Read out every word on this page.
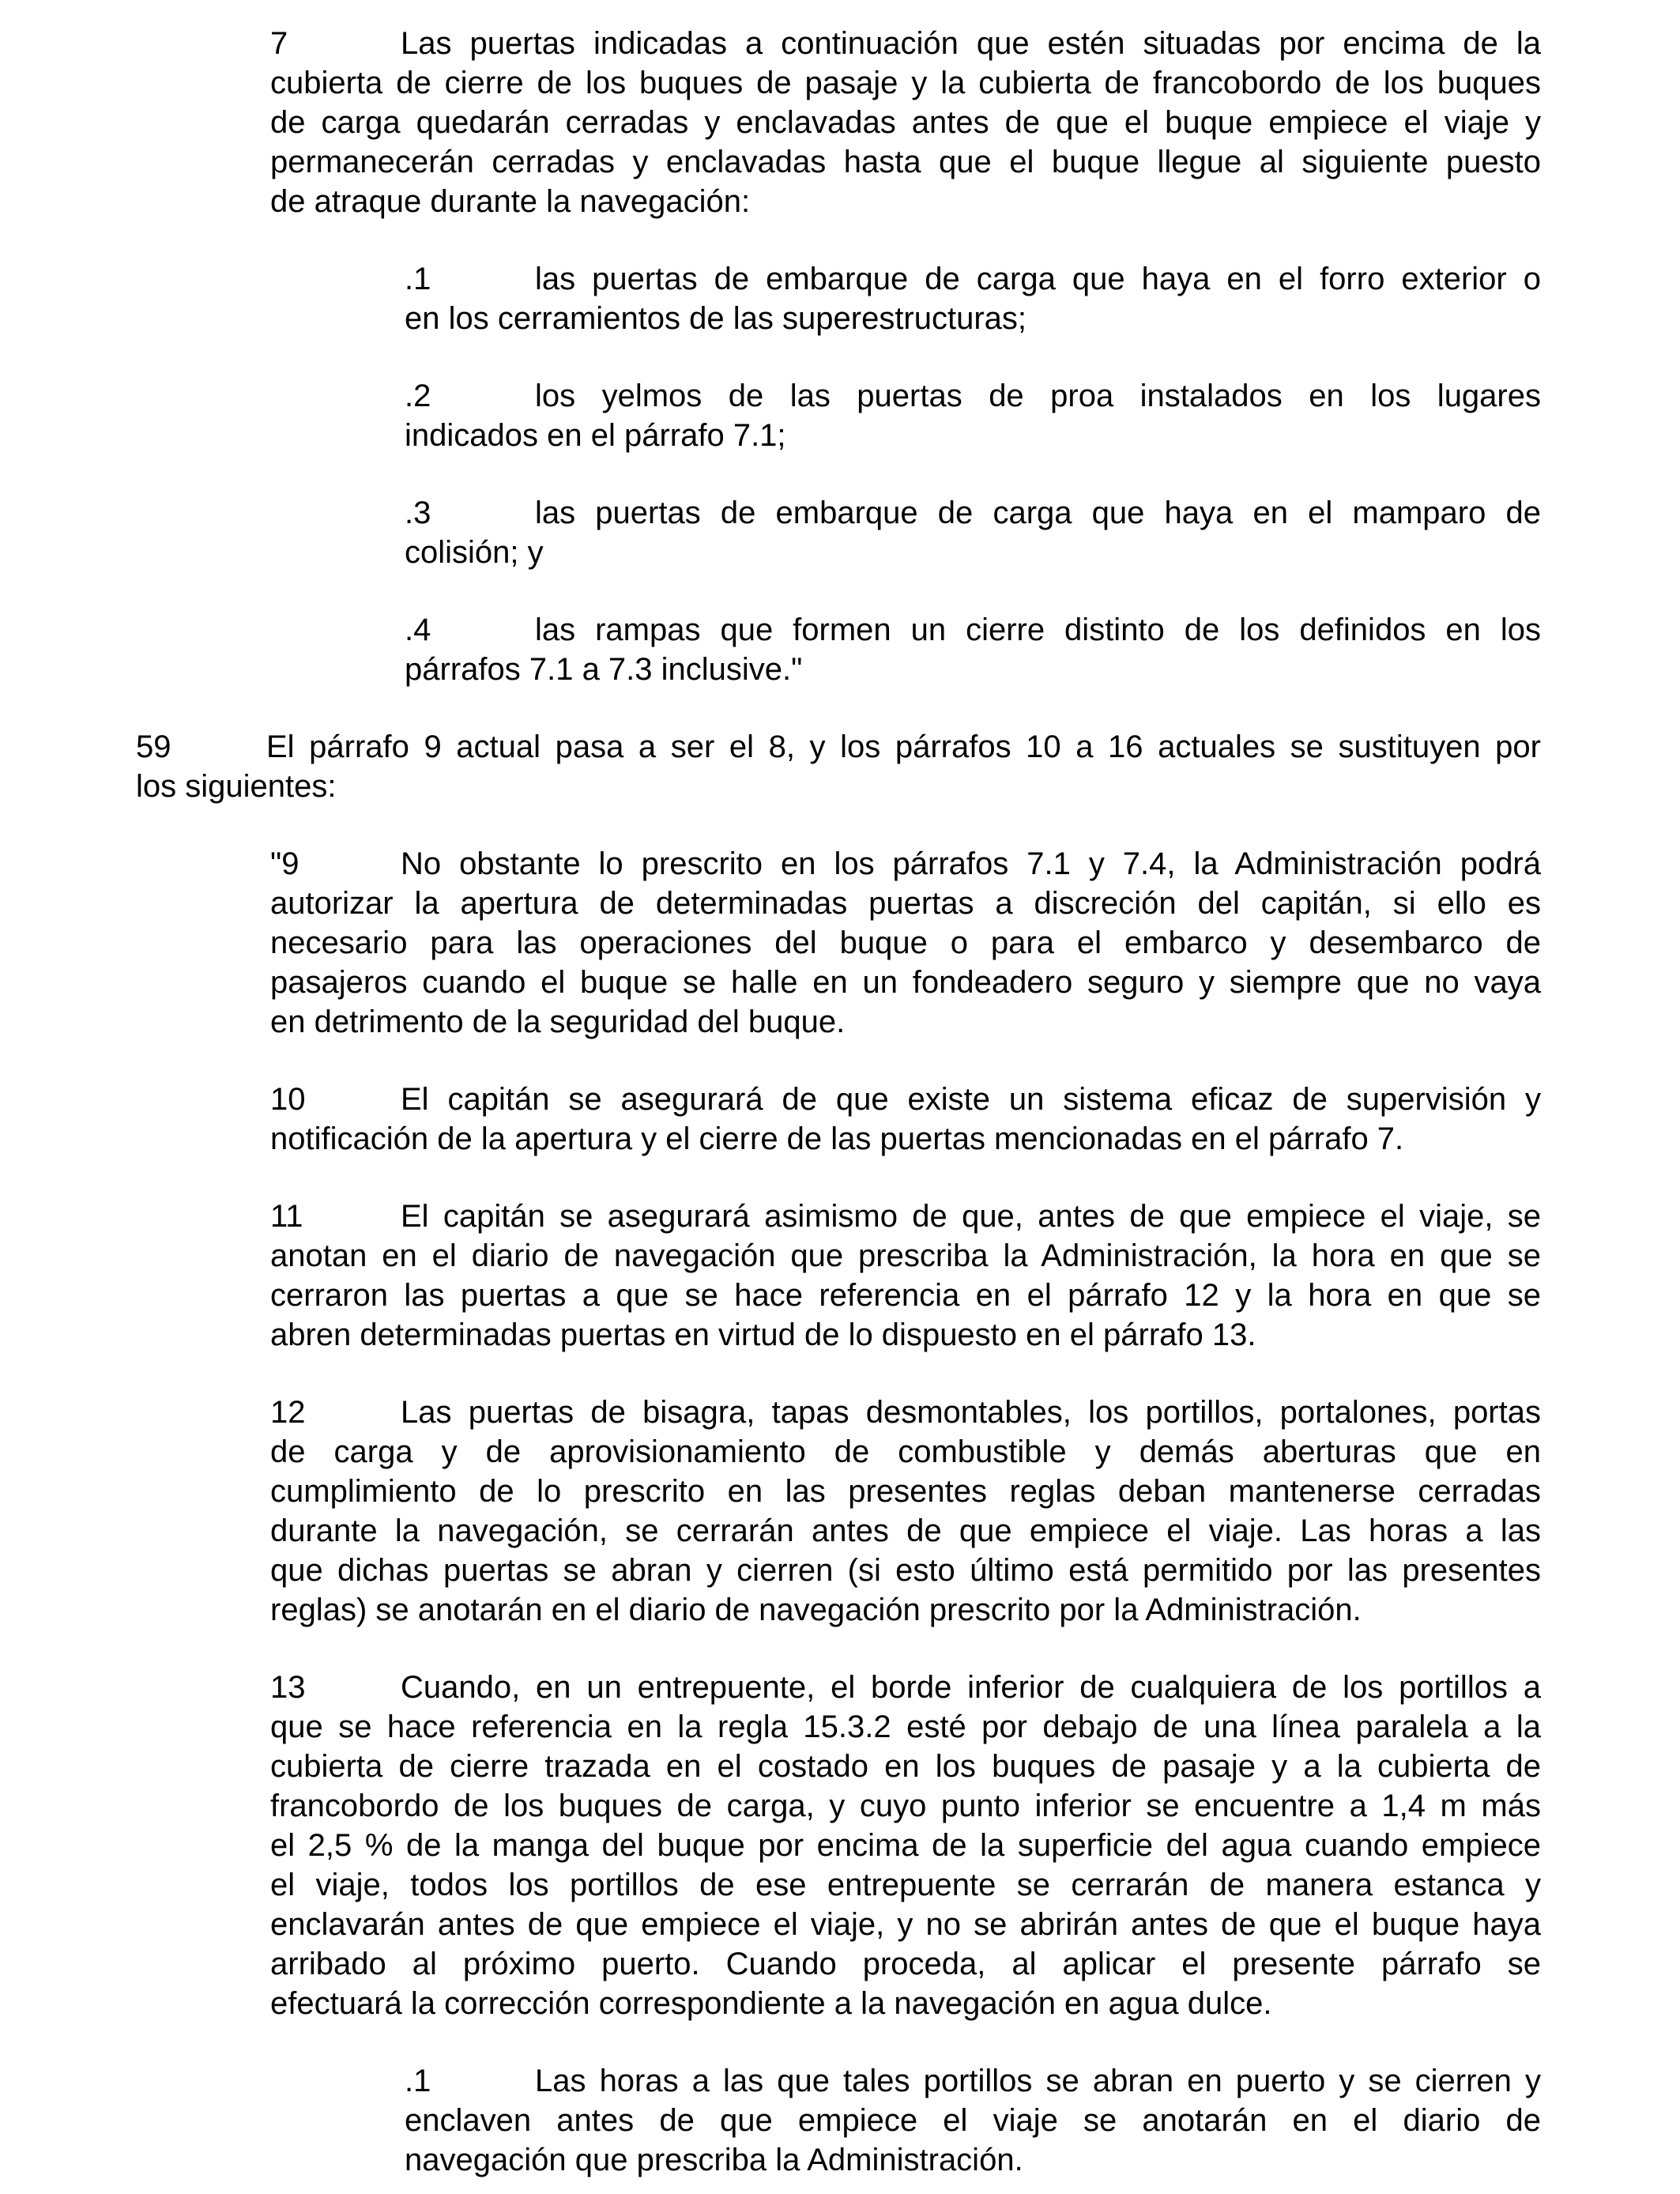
7	Las puertas indicadas a continuación que estén situadas por encima de la
cubierta de cierre de los buques de pasaje y la cubierta de francobordo de los buques
de carga quedarán cerradas y enclavadas antes de que el buque empiece el viaje y
permanecerán cerradas y enclavadas hasta que el buque llegue al siguiente puesto
de atraque durante la navegación:
.1	las puertas de embarque de carga que haya en el forro exterior o
en los cerramientos de las superestructuras;
.2	los yelmos de las puertas de proa instalados en los lugares
indicados en el párrafo 7.1;
.3	las puertas de embarque de carga que haya en el mamparo de
colisión; y
.4	las rampas que formen un cierre distinto de los definidos en los
párrafos 7.1 a 7.3 inclusive."
59	El párrafo 9 actual pasa a ser el 8, y los párrafos 10 a 16 actuales se sustituyen por
los siguientes:
"9	No obstante lo prescrito en los párrafos 7.1 y 7.4, la Administración podrá
autorizar la apertura de determinadas puertas a discreción del capitán, si ello es
necesario para las operaciones del buque o para el embarco y desembarco de
pasajeros cuando el buque se halle en un fondeadero seguro y siempre que no vaya
en detrimento de la seguridad del buque.
10	El capitán se asegurará de que existe un sistema eficaz de supervisión y
notificación de la apertura y el cierre de las puertas mencionadas en el párrafo 7.
11	El capitán se asegurará asimismo de que, antes de que empiece el viaje, se
anotan en el diario de navegación que prescriba la Administración, la hora en que se
cerraron las puertas a que se hace referencia en el párrafo 12 y la hora en que se
abren determinadas puertas en virtud de lo dispuesto en el párrafo 13.
12	Las puertas de bisagra, tapas desmontables, los portillos, portalones, portas
de carga y de aprovisionamiento de combustible y demás aberturas que en
cumplimiento de lo prescrito en las presentes reglas deban mantenerse cerradas
durante la navegación, se cerrarán antes de que empiece el viaje. Las horas a las
que dichas puertas se abran y cierren (si esto último está permitido por las presentes
reglas) se anotarán en el diario de navegación prescrito por la Administración.
13	Cuando, en un entrepuente, el borde inferior de cualquiera de los portillos a
que se hace referencia en la regla 15.3.2 esté por debajo de una línea paralela a la
cubierta de cierre trazada en el costado en los buques de pasaje y a la cubierta de
francobordo de los buques de carga, y cuyo punto inferior se encuentre a 1,4 m más
el 2,5 % de la manga del buque por encima de la superficie del agua cuando empiece
el viaje, todos los portillos de ese entrepuente se cerrarán de manera estanca y
enclavarán antes de que empiece el viaje, y no se abrirán antes de que el buque haya
arribado al próximo puerto. Cuando proceda, al aplicar el presente párrafo se
efectuará la corrección correspondiente a la navegación en agua dulce.
.1	Las horas a las que tales portillos se abran en puerto y se cierren y
enclaven antes de que empiece el viaje se anotarán en el diario de
navegación que prescriba la Administración.
